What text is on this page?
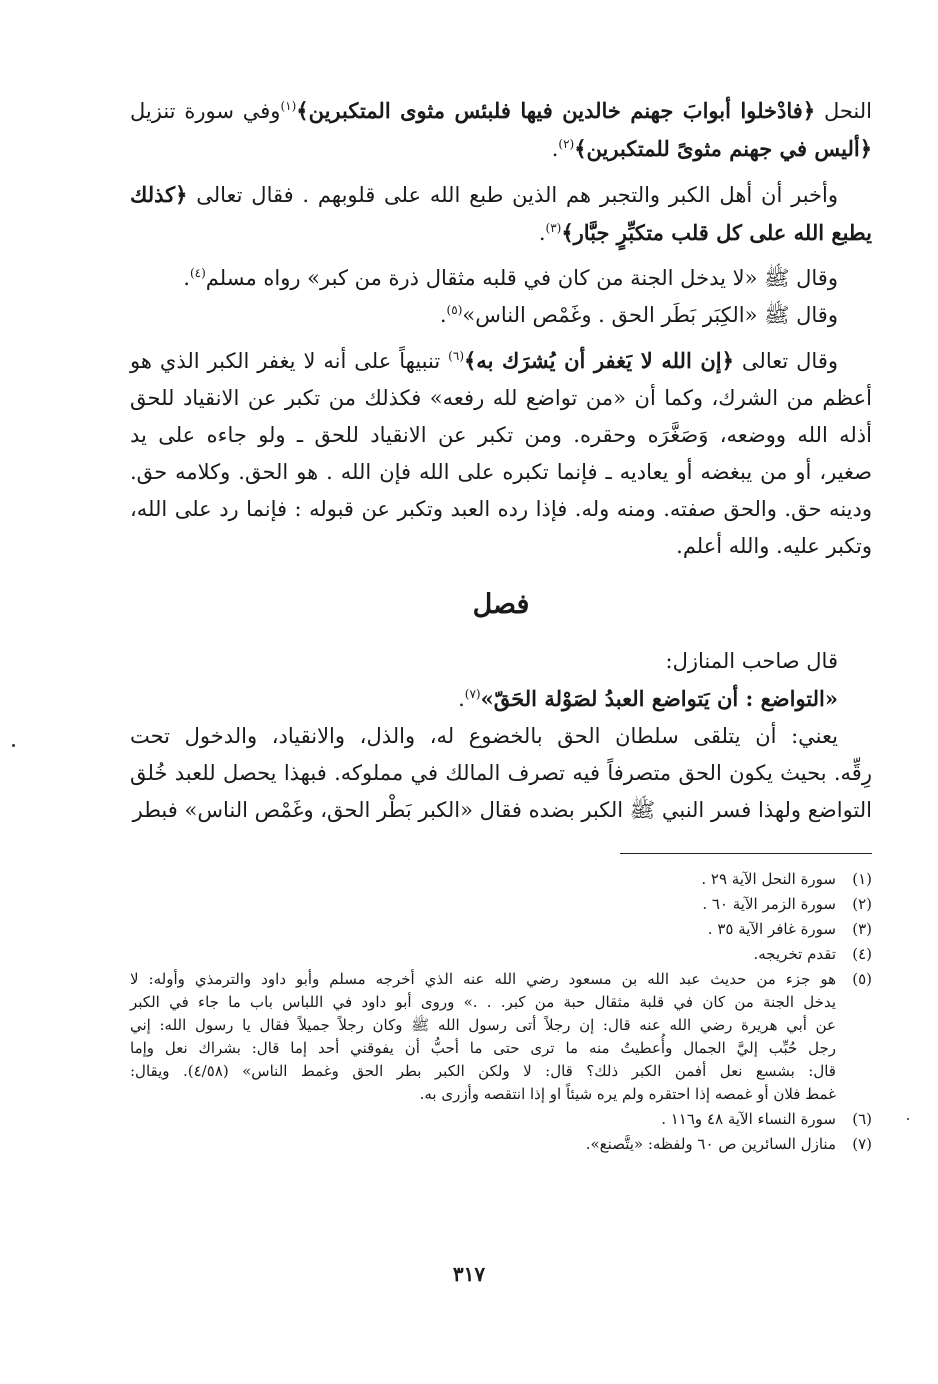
النحل ﴿فادْخلوا أبوابَ جهنم خالدين فيها فلبئس مثوى المتكبرين﴾$^{(١)}$وفي سورة تنزيل
﴿أليس في جهنم مثوىً للمتكبرين﴾$^{(٢)}$.
وأخبر أن أهل الكبر والتجبر هم الذين طبع الله على قلوبهم . فقال تعالى ﴿كذلك
يطبع الله على كل قلب متكبِّرٍ جبَّار﴾$^{(٣)}$.
وقال ﷺ «لا يدخل الجنة من كان في قلبه مثقال ذرة من كبر» رواه مسلم$^{(٤)}$.
وقال ﷺ «الكِبَر بَطَر الحق . وغَمْص الناس»$^{(٥)}$.
وقال تعالى ﴿إن الله لا يَغفر أن يُشرَك به﴾$^{(٦)}$ تنبيهاً على أنه لا يغفر الكبر الذي هو
أعظم من الشرك، وكما أن «من تواضع لله رفعه» فكذلك من تكبر عن الانقياد للحق
أذله الله ووضعه، وَصَغَّرَه وحقره. ومن تكبر عن الانقياد للحق ـ ولو جاءه على يد
صغير، أو من يبغضه أو يعاديه ـ فإنما تكبره على الله فإن الله . هو الحق. وكلامه حق.
ودينه حق. والحق صفته. ومنه وله. فإذا رده العبد وتكبر عن قبوله : فإنما رد على الله،
وتكبر عليه. والله أعلم.
فصل
قال صاحب المنازل:
«التواضع : أن يَتواضع العبدُ لصَوْلة الحَقّ»$^{(٧)}$.
يعني: أن يتلقى سلطان الحق بالخضوع له، والذل، والانقياد، والدخول تحت
رِقِّه. بحيث يكون الحق متصرفاً فيه تصرف المالك في مملوكه. فبهذا يحصل للعبد خُلق
التواضع ولهذا فسر النبي ﷺ الكبر بضده فقال «الكبر بَطْر الحق، وغَمْص الناس» فبطر
(١)
سورة النحل الآية ٢٩ .
(٢)
سورة الزمر الآية ٦٠ .
(٣)
سورة غافر الآية ٣٥ .
(٤)
تقدم تخريجه.
(٥)
هو جزء من حديث عبد الله بن مسعود رضي الله عنه الذي أخرجه مسلم وأبو داود والترمذي وأوله: لا
يدخل الجنة من كان في قلبة مثقال حبة من كبر. . .» وروى أبو داود في اللباس باب ما جاء في الكبر
عن أبي هريرة رضي الله عنه قال: إن رجلاً أتى رسول الله ﷺ وكان رجلاً جميلاً فقال يا رسول الله: إني
رجل حُبِّب إليَّ الجمال وأُعطيتُ منه ما ترى حتى ما أحبُّ أن يفوقني أحد إما قال: بشراك نعل وإما
قال: بشسع نعل أفمن الكبر ذلك؟ قال: لا ولكن الكبر بطر الحق وغمط الناس» (٤/٥٨). ويقال:
غمط فلان أو غمصه إذا احتقره ولم يره شيئاً او إذا انتقصه وأزرى به.
(٦)
سورة النساء الآية ٤٨ و١١٦ .
(٧)
منازل السائرين ص ٦٠ ولفظه: «يتَّصنع».
٣١٧
